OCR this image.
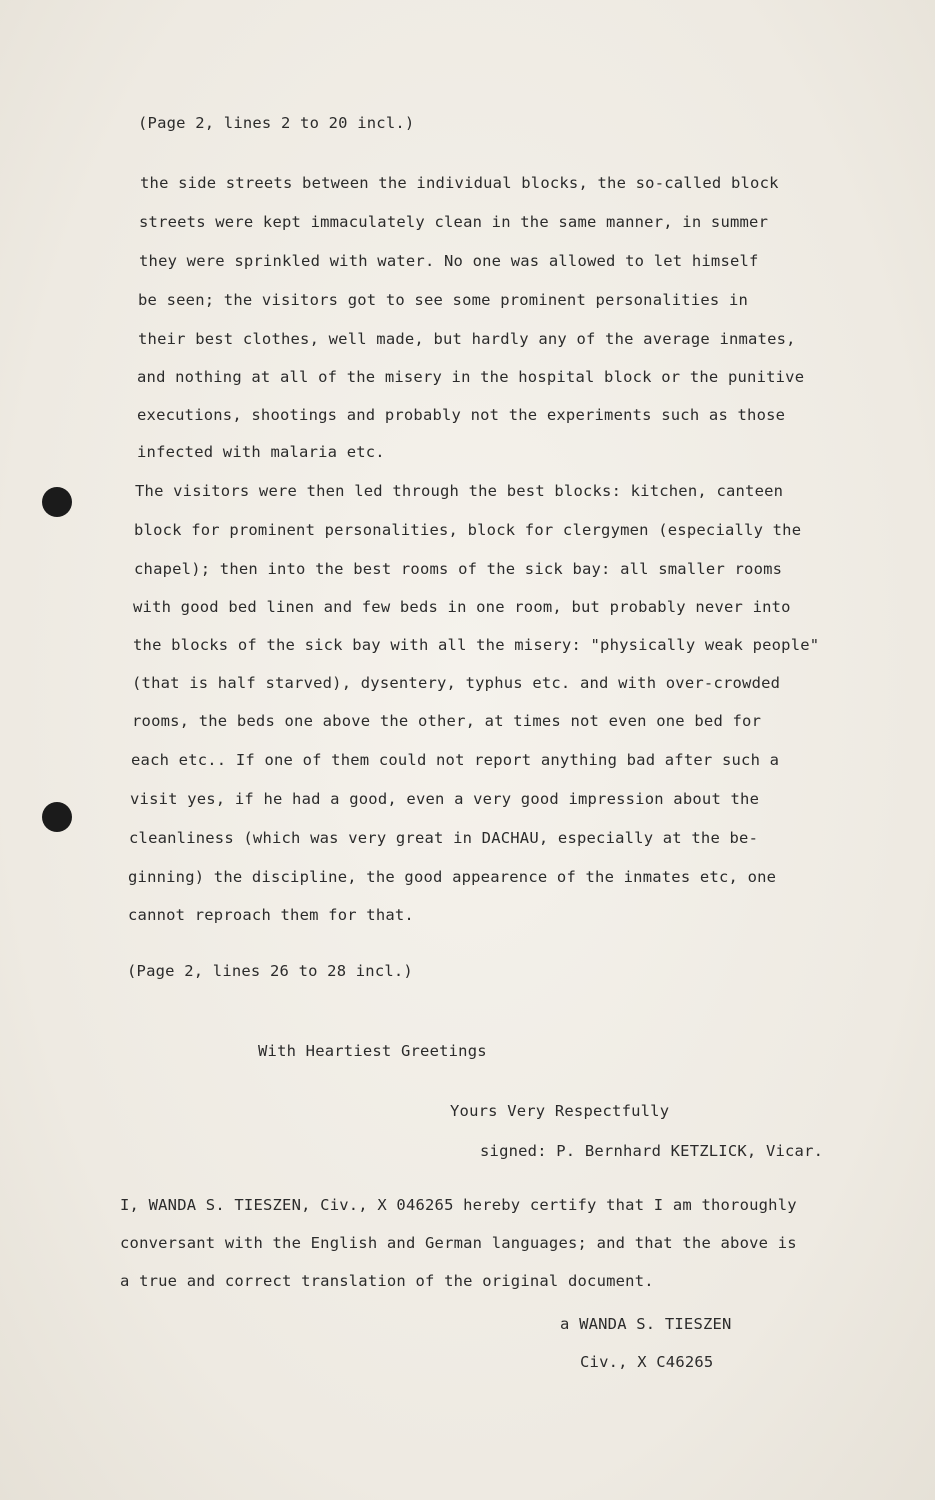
(Page 2, lines 2 to 20 incl.)
the side streets between the individual blocks, the so-called block
streets were kept immaculately clean in the same manner, in summer
they were sprinkled with water. No one was allowed to let himself
be seen; the visitors got to see some prominent personalities in
their best clothes, well made, but hardly any of the average inmates,
and nothing at all of the misery in the hospital block or the punitive
executions, shootings and probably not the experiments such as those
infected with malaria etc.
The visitors were then led through the best blocks: kitchen, canteen
block for prominent personalities, block for clergymen (especially the
chapel); then into the best rooms of the sick bay: all smaller rooms
with good bed linen and few beds in one room, but probably never into
the blocks of the sick bay with all the misery: "physically weak people"
(that is half starved), dysentery, typhus etc. and with over-crowded
rooms, the beds one above the other, at times not even one bed for
each etc.. If one of them could not report anything bad after such a
visit yes, if he had a good, even a very good impression about the
cleanliness (which was very great in DACHAU, especially at the be-
ginning) the discipline, the good appearence of the inmates etc, one
cannot reproach them for that.
(Page 2, lines 26 to 28 incl.)
With Heartiest Greetings
Yours Very Respectfully
signed: P. Bernhard KETZLICK, Vicar.
I, WANDA S. TIESZEN, Civ., X 046265 hereby certify that I am thoroughly
conversant with the English and German languages; and that the above is
a true and correct translation of the original document.
a WANDA S. TIESZEN
Civ., X C46265
